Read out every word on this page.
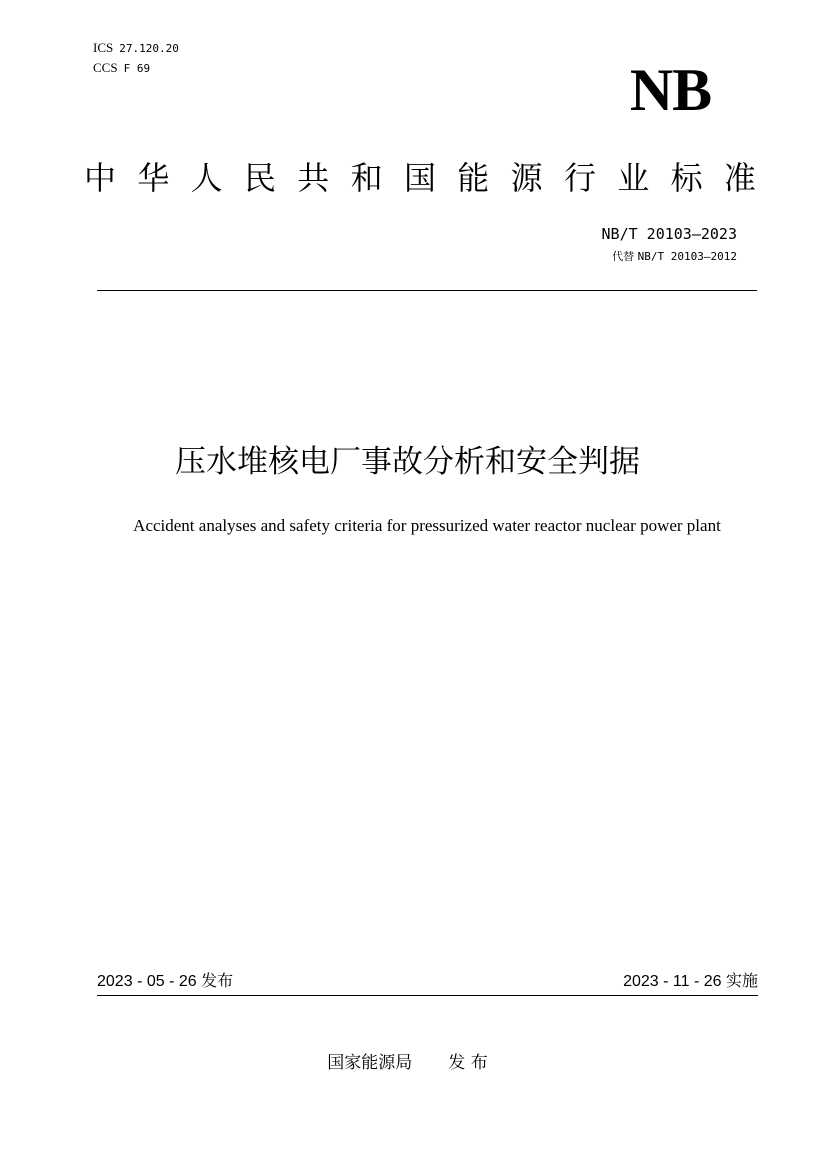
ICS 27.120.20
CCS F 69	NB
中 华 人 民 共 和 国 能 源 行 业 标 准
NB/T 20103—2023
代替 NB/T 20103—2012
压水堆核电厂事故分析和安全判据
Accident analyses and safety criteria for pressurized water reactor nuclear power plant
2023 - 05 - 26 发布	2023 - 11 - 26 实施
国家能源局 发 布
